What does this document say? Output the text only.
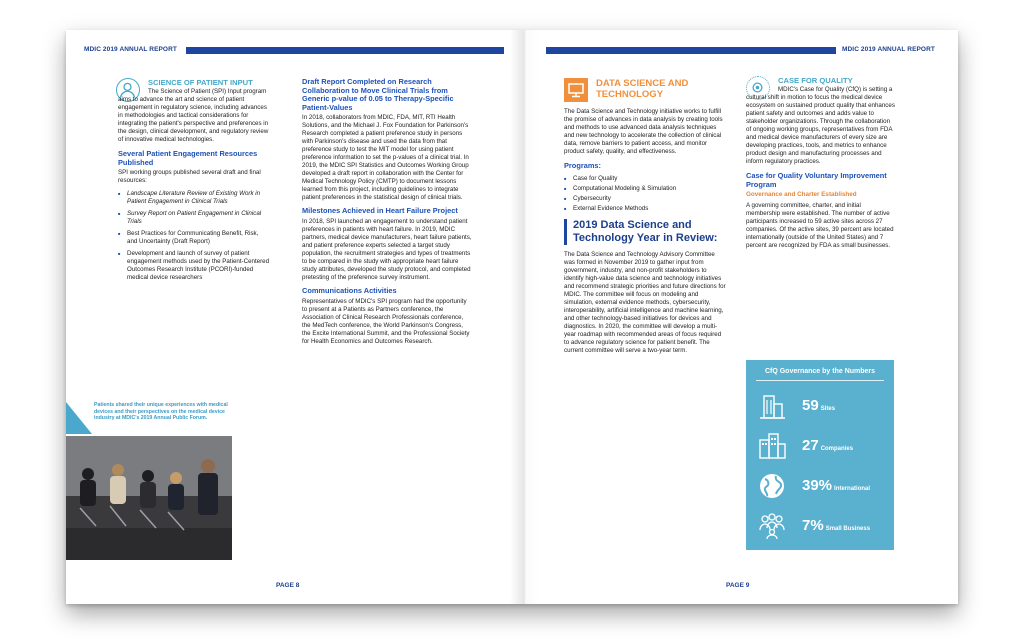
MDIC 2019 ANNUAL REPORT	MDIC 2019 ANNUAL REPORT
SCIENCE OF PATIENT INPUT

The Science of Patient (SPI) Input program aims to advance the art and science of patient engagement in regulatory science, including advances in methodologies and tactical considerations for integrating the patient's perspective and preferences in the design, clinical development, and regulatory review of innovative medical technologies.

Several Patient Engagement Resources Published

SPI working groups published several draft and final resources:

■ Landscape Literature Review of Existing Work in Patient Engagement in Clinical Trials
■ Survey Report on Patient Engagement in Clinical Trials
■ Best Practices for Communicating Benefit, Risk, and Uncertainty (Draft Report)
■ Development and launch of survey of patient engagement methods used by the Patient-Centered Outcomes Research Institute (PCORI)-funded medical device researchers
Patients shared their unique experiences with medical devices and their perspectives on the medical device industry at MDIC's 2019 Annual Public Forum.
Draft Report Completed on Research Collaboration to Move Clinical Trials from Generic p-value of 0.05 to Therapy-Specific Patient-Values

In 2018, collaborators from MDIC, FDA, MIT, RTI Health Solutions, and the Michael J. Fox Foundation for Parkinson's Research completed a patient preference study in persons with Parkinson's disease and used the data from that preference study to test the MIT model for using patient preference information to set the p-values of a clinical trial. In 2019, the MDIC SPI Statistics and Outcomes Working Group developed a draft report in collaboration with the Center for Medical Technology Policy (CMTP) to document lessons learned from this project, including guidelines to integrate patient preferences in the statistical design of clinical trials.

Milestones Achieved in Heart Failure Project

In 2018, SPI launched an engagement to understand patient preferences in patients with heart failure. In 2019, MDIC partners, medical device manufacturers, heart failure patients, and patient preference experts selected a target study population, the recruitment strategies and types of treatments to be compared in the study with appropriate heart failure study attributes, developed the study protocol, and completed pretesting of the preference survey instrument.

Communications Activities

Representatives of MDIC's SPI program had the opportunity to present at a Patients as Partners conference, the Association of Clinical Research Professionals conference, the MedTech conference, the World Parkinson's Congress, the Excite International Summit, and the Professional Society for Health Economics and Outcomes Research.

PAGE 8
DATA SCIENCE AND TECHNOLOGY

The Data Science and Technology initiative works to fulfill the promise of advances in data analysis by creating tools and methods to use advanced data analysis techniques and new technology to accelerate the collection of clinical data, remove barriers to patient access, and monitor product safety, quality, and effectiveness.

Programs:
■ Case for Quality
■ Computational Modeling & Simulation
■ Cybersecurity
■ External Evidence Methods
2019 Data Science and Technology Year in Review:

The Data Science and Technology Advisory Committee was formed in November 2019 to gather input from government, industry, and non-profit stakeholders to identify high-value data science and technology initiatives and recommend strategic priorities and future directions for MDIC. The committee will focus on modeling and simulation, external evidence methods, cybersecurity, interoperability, artificial intelligence and machine learning, and other technology-based initiatives for devices and diagnostics. In 2020, the committee will develop a multi-year roadmap with recommended areas of focus required to advance regulatory science for patient benefit. The current committee will serve a two-year term.

CASE FOR QUALITY

MDIC's Case for Quality (CfQ) is setting a cultural shift in motion to focus the medical device ecosystem on sustained product quality that enhances patient safety and outcomes and adds value to stakeholder organizations. Through the collaboration of ongoing working groups, representatives from FDA and medical device manufacturers of every size are developing practices, tools, and metrics to enhance product design and manufacturing processes and inform regulatory practices.

Case for Quality Voluntary Improvement Program
Governance and Charter Established

A governing committee, charter, and initial membership were established. The number of active participants increased to 59 active sites across 27 companies. Of the active sites, 39 percent are located internationally (outside of the United States) and 7 percent are recognized by FDA as small businesses.

CfQ Governance by the Numbers
59 Sites
27 Companies
39% International
7% Small Business
PAGE 9
